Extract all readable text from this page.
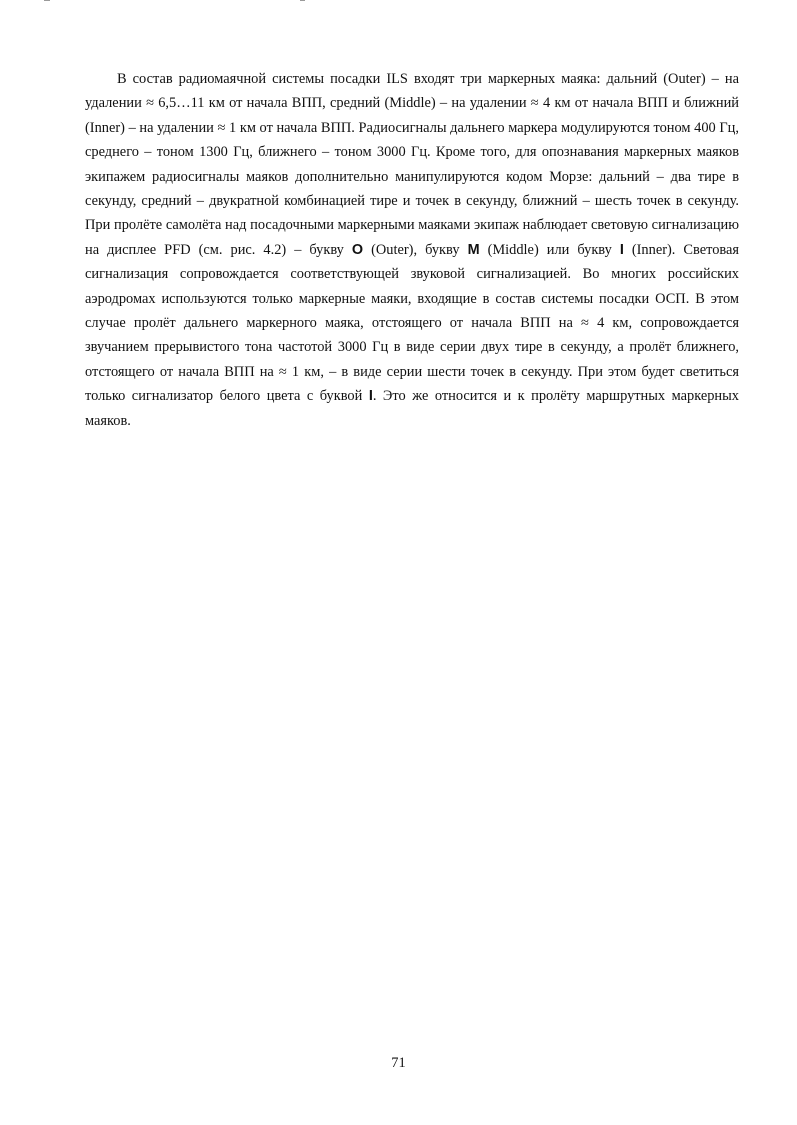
В состав радиомаячной системы посадки ILS входят три маркерных маяка: дальний (Outer) – на удалении ≈ 6,5…11 км от начала ВПП, средний (Middle) – на удалении ≈ 4 км от начала ВПП и ближний (Inner) – на удалении ≈ 1 км от начала ВПП. Радиосигналы дальнего маркера модулируются тоном 400 Гц, среднего – тоном 1300 Гц, ближнего – тоном 3000 Гц. Кроме того, для опознавания маркерных маяков экипажем радиосигналы маяков дополнительно манипулируются кодом Морзе: дальний – два тире в секунду, средний – двукратной комбинацией тире и точек в секунду, ближний – шесть точек в секунду. При пролёте самолёта над посадочными маркерными маяками экипаж наблюдает световую сигнализацию на дисплее PFD (см. рис. 4.2) – букву O (Outer), букву M (Middle) или букву I (Inner). Световая сигнализация сопровождается соответствующей звуковой сигнализацией. Во многих российских аэродромах используются только маркерные маяки, входящие в состав системы посадки ОСП. В этом случае пролёт дальнего маркерного маяка, отстоящего от начала ВПП на ≈ 4 км, сопровождается звучанием прерывистого тона частотой 3000 Гц в виде серии двух тире в секунду, а пролёт ближнего, отстоящего от начала ВПП на ≈ 1 км, – в виде серии шести точек в секунду. При этом будет светиться только сигнализатор белого цвета с буквой I. Это же относится и к пролёту маршрутных маркерных маяков.

71
